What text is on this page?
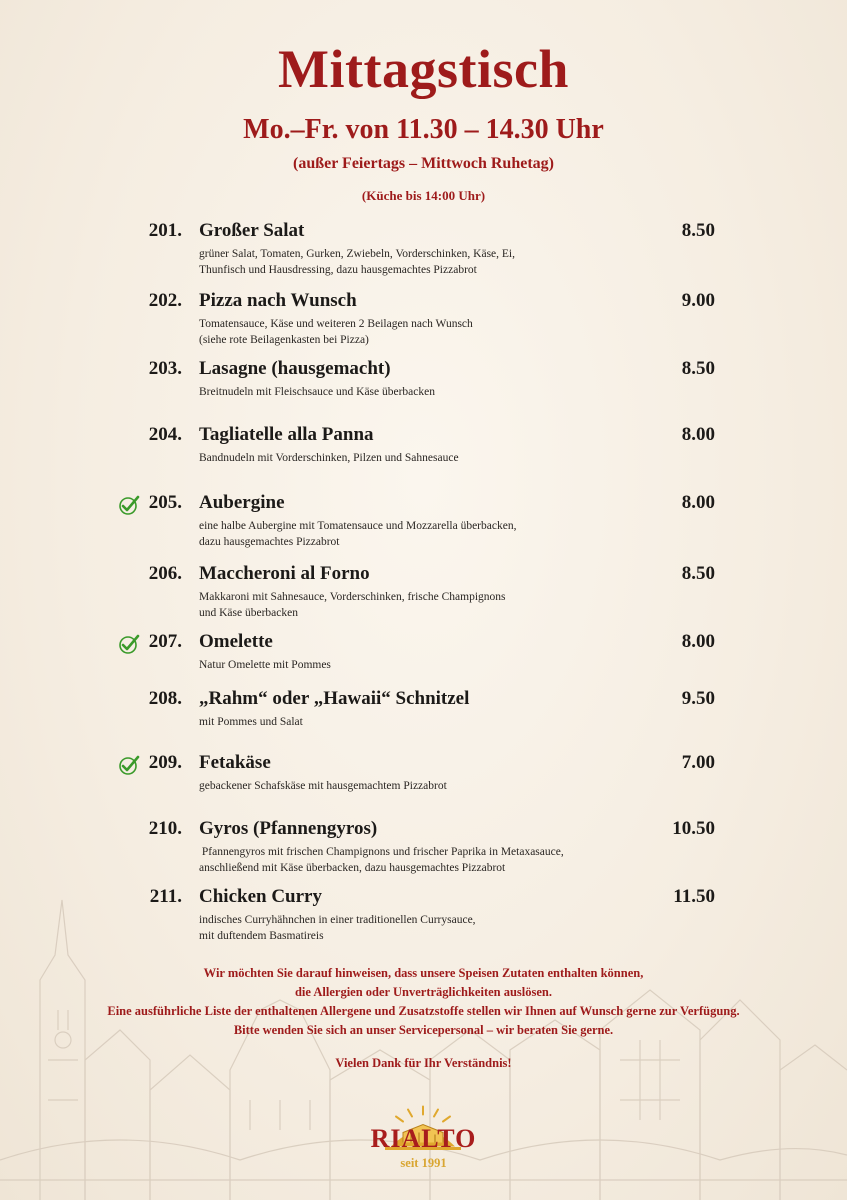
Mittagstisch
Mo.–Fr. von 11.30 – 14.30 Uhr
(außer Feiertags – Mittwoch Ruhetag)
(Küche bis 14:00 Uhr)
201. Großer Salat	8.50
grüner Salat, Tomaten, Gurken, Zwiebeln, Vorderschinken, Käse, Ei,
Thunfisch und Hausdressing, dazu hausgemachtes Pizzabrot
202. Pizza nach Wunsch	9.00
Tomatensauce, Käse und weiteren 2 Beilagen nach Wunsch
(siehe rote Beilagenkasten bei Pizza)
203. Lasagne (hausgemacht)	8.50
Breitnudeln mit Fleischsauce und Käse überbacken
204. Tagliatelle alla Panna	8.00
Bandnudeln mit Vorderschinken, Pilzen und Sahnesauce
205. Aubergine	8.00
eine halbe Aubergine mit Tomatensauce und Mozzarella überbacken,
dazu hausgemachtes Pizzabrot
206. Maccheroni al Forno	8.50
Makkaroni mit Sahnesauce, Vorderschinken, frische Champignons
und Käse überbacken
207. Omelette	8.00
Natur Omelette mit Pommes
208. „Rahm“ oder „Hawaii“ Schnitzel	9.50
mit Pommes und Salat
209. Fetakäse	7.00
gebackener Schafskäse mit hausgemachtem Pizzabrot
210. Gyros (Pfannengyros)	10.50
Pfannengyros mit frischen Champignons und frischer Paprika in Metaxasauce,
anschließend mit Käse überbacken, dazu hausgemachtes Pizzabrot
211. Chicken Curry	11.50
indisches Curryhähnchen in einer traditionellen Currysauce,
mit duftendem Basmatireis
Wir möchten Sie darauf hinweisen, dass unsere Speisen Zutaten enthalten können,
die Allergien oder Unverträglichkeiten auslösen.
Eine ausführliche Liste der enthaltenen Allergene und Zusatzstoffe stellen wir Ihnen auf Wunsch gerne zur Verfügung.
Bitte wenden Sie sich an unser Servicepersonal – wir beraten Sie gerne.
Vielen Dank für Ihr Verständnis!
RIALTO
seit 1991
